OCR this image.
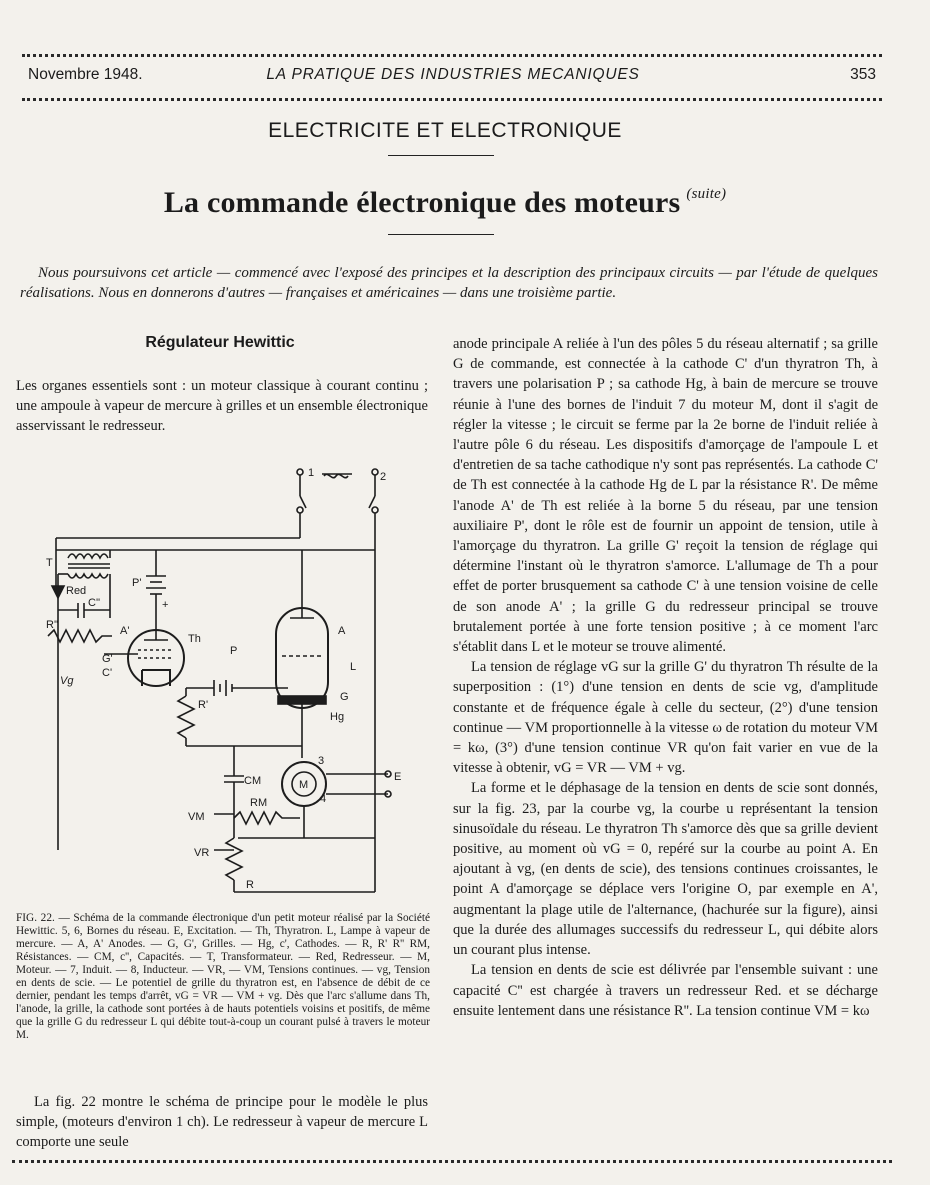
Novembre 1948.	LA PRATIQUE DES INDUSTRIES MECANIQUES	353
ELECTRICITE ET ELECTRONIQUE
La commande électronique des moteurs $^{(suite)}$
Nous poursuivons cet article — commencé avec l'exposé des principes et la description des principaux circuits — par l'étude de quelques réalisations. Nous en donnerons d'autres — françaises et américaines — dans une troisième partie.
Régulateur Hewittic

Les organes essentiels sont : un moteur classique à courant continu ; une ampoule à vapeur de mercure à grilles et un ensemble électronique asservissant le redresseur.

1	2
T
Red
C''
R''
P'
+
A'
Th
G'
C'
Vg
P
R'
A
L
G
Hg
M
3
4
E
CM
RM
VM
R
VR
FIG. 22. — Schéma de la commande électronique d'un petit moteur réalisé par la Société Hewittic. 5, 6, Bornes du réseau. E, Excitation. — Th, Thyratron. L, Lampe à vapeur de mercure. — A, A' Anodes. — G, G', Grilles. — Hg, c', Cathodes. — R, R' R'' RM, Résistances. — CM, c'', Capacités. — T, Transformateur. — Red, Redresseur. — M, Moteur. — 7, Induit. — 8, Inducteur. — VR, — VM, Tensions continues. — vg, Tension en dents de scie. — Le potentiel de grille du thyratron est, en l'absence de débit de ce dernier, pendant les temps d'arrêt, vG = VR — VM + vg. Dès que l'arc s'allume dans Th, l'anode, la grille, la cathode sont portées à de hauts potentiels voisins et positifs, de même que la grille G du redresseur L qui débite tout-à-coup un courant pulsé à travers le moteur M.

La fig. 22 montre le schéma de principe pour le modèle le plus simple, (moteurs d'environ 1 ch). Le redresseur à vapeur de mercure L comporte une seule

anode principale A reliée à l'un des pôles 5 du réseau alternatif ; sa grille G de commande, est connectée à la cathode C' d'un thyratron Th, à travers une polarisation P ; sa cathode Hg, à bain de mercure se trouve réunie à l'une des bornes de l'induit 7 du moteur M, dont il s'agit de régler la vitesse ; le circuit se ferme par la 2e borne de l'induit reliée à l'autre pôle 6 du réseau. Les dispositifs d'amorçage de l'ampoule L et d'entretien de sa tache cathodique n'y sont pas représentés. La cathode C' de Th est connectée à la cathode Hg de L par la résistance R'. De même l'anode A' de Th est reliée à la borne 5 du réseau, par une tension auxiliaire P', dont le rôle est de fournir un appoint de tension, utile à l'amorçage du thyratron. La grille G' reçoit la tension de réglage qui détermine l'instant où le thyratron s'amorce. L'allumage de Th a pour effet de porter brusquement sa cathode C' à une tension voisine de celle de son anode A' ; la grille G du redresseur principal se trouve brutalement portée à une forte tension positive ; à ce moment l'arc s'établit dans L et le moteur se trouve alimenté.

La tension de réglage vG sur la grille G' du thyratron Th résulte de la superposition : (1°) d'une tension en dents de scie vg, d'amplitude constante et de fréquence égale à celle du secteur, (2°) d'une tension continue — VM proportionnelle à la vitesse ω de rotation du moteur VM = kω, (3°) d'une tension continue VR qu'on fait varier en vue de la vitesse à obtenir, vG = VR — VM + vg.

La forme et le déphasage de la tension en dents de scie sont donnés, sur la fig. 23, par la courbe vg, la courbe u représentant la tension sinusoïdale du réseau. Le thyratron Th s'amorce dès que sa grille devient positive, au moment où vG = 0, repéré sur la courbe au point A. En ajoutant à vg, (en dents de scie), des tensions continues croissantes, le point A d'amorçage se déplace vers l'origine O, par exemple en A', augmentant la plage utile de l'alternance, (hachurée sur la figure), ainsi que la durée des allumages successifs du redresseur L, qui débite alors un courant plus intense.

La tension en dents de scie est délivrée par l'ensemble suivant : une capacité C'' est chargée à travers un redresseur Red. et se décharge ensuite lentement dans une résistance R''. La tension continue VM = kω
